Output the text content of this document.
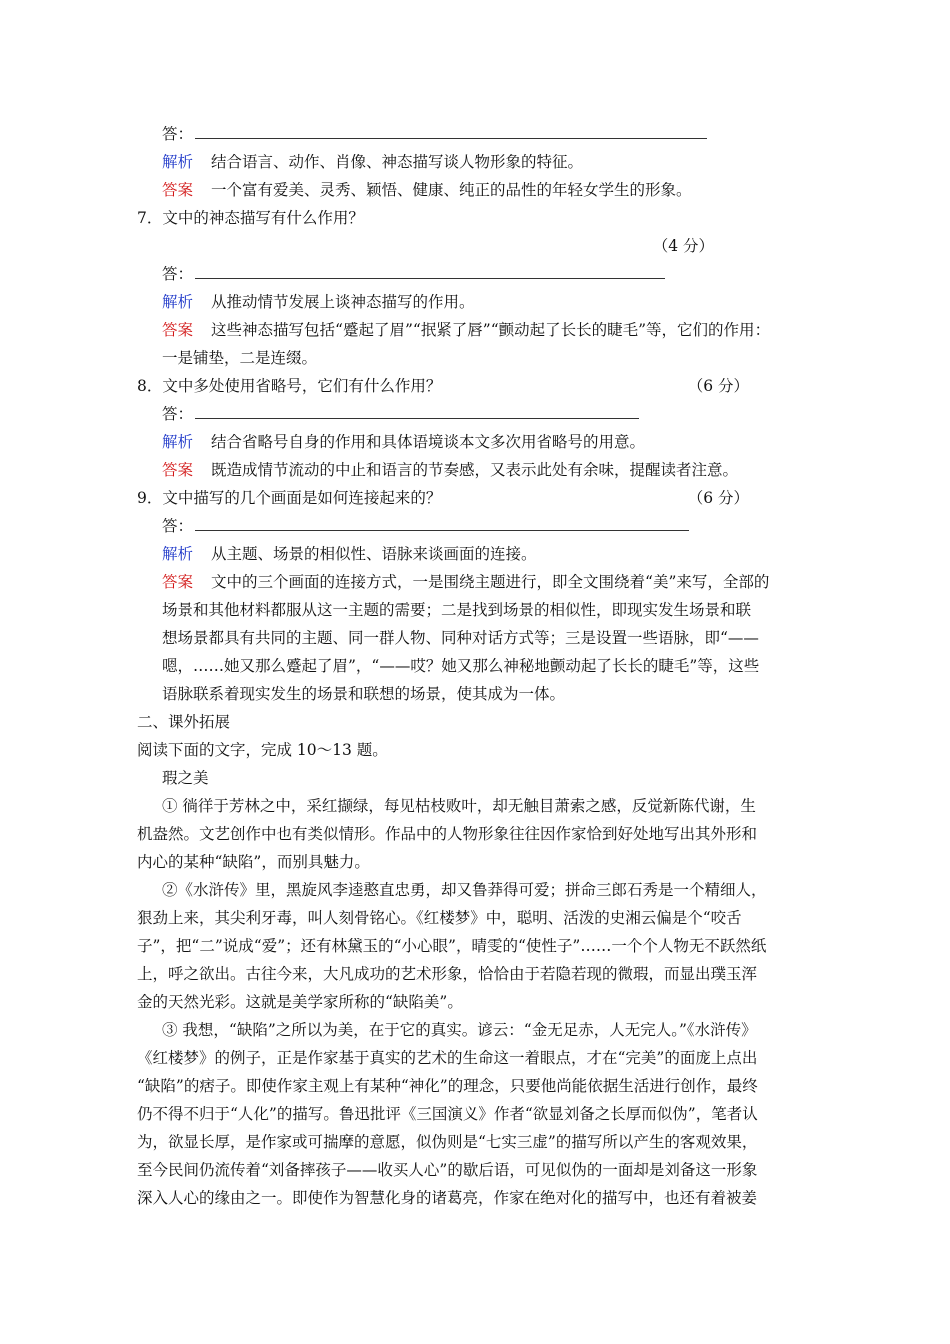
答：
解析 结合语言、动作、肖像、神态描写谈人物形象的特征。
答案 一个富有爱美、灵秀、颖悟、健康、纯正的品性的年轻女学生的形象。
7．文中的神态描写有什么作用？
（4 分）
答：
解析 从推动情节发展上谈神态描写的作用。
答案 这些神态描写包括“蹙起了眉”“抿紧了唇”“颤动起了长长的睫毛”等，它们的作用：
一是铺垫，二是连缀。
8．文中多处使用省略号，它们有什么作用？	（6 分）
答：
解析 结合省略号自身的作用和具体语境谈本文多次用省略号的用意。
答案 既造成情节流动的中止和语言的节奏感，又表示此处有余味，提醒读者注意。
9．文中描写的几个画面是如何连接起来的？	（6 分）
答：
解析 从主题、场景的相似性、语脉来谈画面的连接。
答案 文中的三个画面的连接方式，一是围绕主题进行，即全文围绕着“美”来写，全部的
场景和其他材料都服从这一主题的需要；二是找到场景的相似性，即现实发生场景和联
想场景都具有共同的主题、同一群人物、同种对话方式等；三是设置一些语脉，即“——
嗯，……她又那么蹙起了眉”，“——哎？她又那么神秘地颤动起了长长的睫毛”等，这些
语脉联系着现实发生的场景和联想的场景，使其成为一体。
二、课外拓展
阅读下面的文字，完成 10～13 题。
瑕之美
① 徜徉于芳林之中，采红撷绿，每见枯枝败叶，却无触目萧索之感，反觉新陈代谢，生
机盎然。文艺创作中也有类似情形。作品中的人物形象往往因作家恰到好处地写出其外形和
内心的某种“缺陷”，而别具魅力。
②《水浒传》里，黑旋风李逵憨直忠勇，却又鲁莽得可爱；拼命三郎石秀是一个精细人，
狠劲上来，其尖利牙毒，叫人刻骨铭心。《红楼梦》中，聪明、活泼的史湘云偏是个“咬舌
子”，把“二”说成“爱”；还有林黛玉的“小心眼”，晴雯的“使性子”……一个个人物无不跃然纸
上，呼之欲出。古往今来，大凡成功的艺术形象，恰恰由于若隐若现的微瑕，而显出璞玉浑
金的天然光彩。这就是美学家所称的“缺陷美”。
③ 我想，“缺陷”之所以为美，在于它的真实。谚云：“金无足赤，人无完人。”《水浒传》
《红楼梦》的例子，正是作家基于真实的艺术的生命这一着眼点，才在“完美”的面庞上点出
“缺陷”的痞子。即使作家主观上有某种“神化”的理念，只要他尚能依据生活进行创作，最终
仍不得不归于“人化”的描写。鲁迅批评《三国演义》作者“欲显刘备之长厚而似伪”，笔者认
为，欲显长厚，是作家或可揣摩的意愿，似伪则是“七实三虚”的描写所以产生的客观效果，
至今民间仍流传着“刘备摔孩子——收买人心”的歇后语，可见似伪的一面却是刘备这一形象
深入人心的缘由之一。即使作为智慧化身的诸葛亮，作家在绝对化的描写中，也还有着被姜
